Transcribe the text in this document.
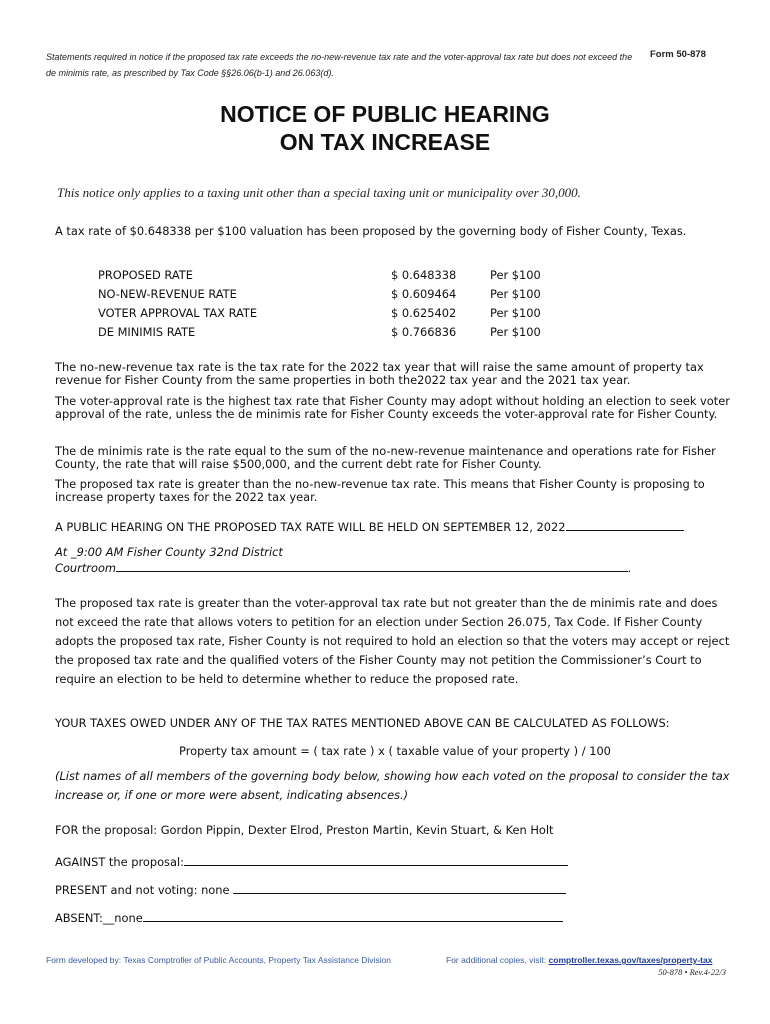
Statements required in notice if the proposed tax rate exceeds the no-new-revenue tax rate and the voter-approval tax rate but does not exceed the de minimis rate, as prescribed by Tax Code §§26.06(b-1) and 26.063(d).
Form 50-878
NOTICE OF PUBLIC HEARING
ON TAX INCREASE
This notice only applies to a taxing unit other than a special taxing unit or municipality over 30,000.
A tax rate of $0.648338 per $100 valuation has been proposed by the governing body of Fisher County, Texas.
PROPOSED RATE	$ 0.648338	Per $100
NO-NEW-REVENUE RATE	$ 0.609464	Per $100
VOTER APPROVAL TAX RATE	$ 0.625402	Per $100
DE MINIMIS RATE	$ 0.766836	Per $100
The no-new-revenue tax rate is the tax rate for the 2022 tax year that will raise the same amount of property tax revenue for Fisher County from the same properties in both the2022 tax year and the 2021 tax year.
The voter-approval rate is the highest tax rate that Fisher County may adopt without holding an election to seek voter approval of the rate, unless the de minimis rate for Fisher County exceeds the voter-approval rate for Fisher County.
The de minimis rate is the rate equal to the sum of the no-new-revenue maintenance and operations rate for Fisher County, the rate that will raise $500,000, and the current debt rate for Fisher County.
The proposed tax rate is greater than the no-new-revenue tax rate. This means that Fisher County is proposing to increase property taxes for the 2022 tax year.
A PUBLIC HEARING ON THE PROPOSED TAX RATE WILL BE HELD ON SEPTEMBER 12, 2022
At _9:00 AM Fisher County 32nd District
Courtroom	.
The proposed tax rate is greater than the voter-approval tax rate but not greater than the de minimis rate and does not exceed the rate that allows voters to petition for an election under Section 26.075, Tax Code. If Fisher County adopts the proposed tax rate, Fisher County is not required to hold an election so that the voters may accept or reject the proposed tax rate and the qualified voters of the Fisher County may not petition the Commissioner’s Court to require an election to be held to determine whether to reduce the proposed rate.
YOUR TAXES OWED UNDER ANY OF THE TAX RATES MENTIONED ABOVE CAN BE CALCULATED AS FOLLOWS:
Property tax amount = ( tax rate ) x ( taxable value of your property ) / 100
(List names of all members of the governing body below, showing how each voted on the proposal to consider the tax increase or, if one or more were absent, indicating absences.)
FOR the proposal: Gordon Pippin, Dexter Elrod, Preston Martin, Kevin Stuart, & Ken Holt
AGAINST the proposal:
PRESENT and not voting: none
ABSENT:__none
Form developed by: Texas Comptroller of Public Accounts, Property Tax Assistance Division	For additional copies, visit: comptroller.texas.gov/taxes/property-tax
50-878 • Rev.4-22/3
